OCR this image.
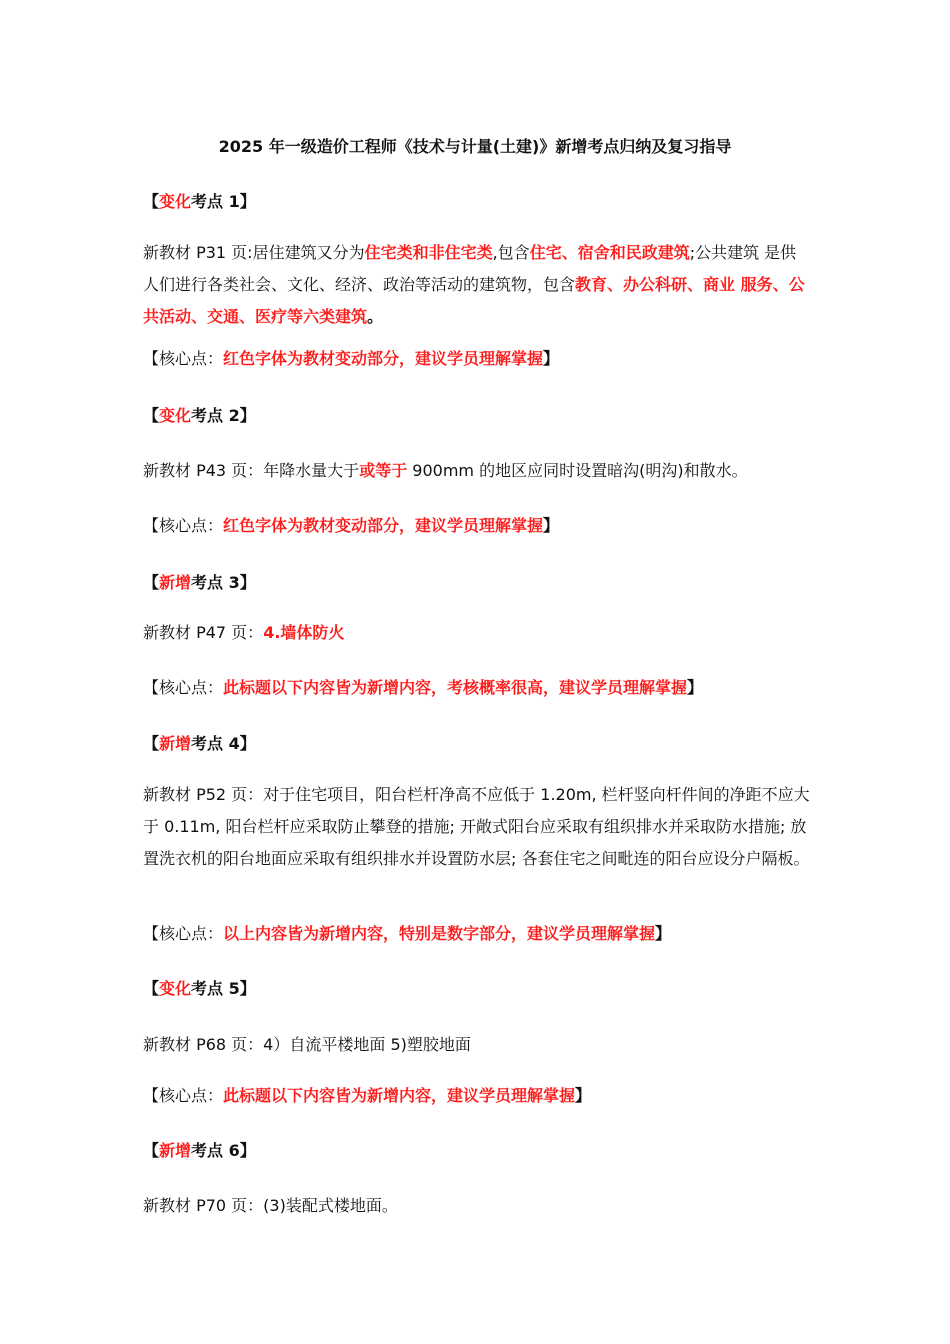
2025 年一级造价工程师《技术与计量(土建)》新增考点归纳及复习指导
【变化考点 1】
新教材 P31 页:居住建筑又分为住宅类和非住宅类,包含住宅、宿舍和民政建筑;公共建筑 是供人们进行各类社会、文化、经济、政治等活动的建筑物，包含教育、办公科研、商业 服务、公共活动、交通、医疗等六类建筑。
【核心点：红色字体为教材变动部分，建议学员理解掌握】
【变化考点 2】
新教材 P43 页：年降水量大于或等于 900mm 的地区应同时设置暗沟(明沟)和散水。
【核心点：红色字体为教材变动部分，建议学员理解掌握】
【新增考点 3】
新教材 P47 页：4.墙体防火
【核心点：此标题以下内容皆为新增内容，考核概率很高，建议学员理解掌握】
【新增考点 4】
新教材 P52 页：对于住宅项目，阳台栏杆净高不应低于 1.20m, 栏杆竖向杆件间的净距不应大于 0.11m, 阳台栏杆应采取防止攀登的措施; 开敞式阳台应采取有组织排水并采取防水措施; 放置洗衣机的阳台地面应采取有组织排水并设置防水层; 各套住宅之间毗连的阳台应设分户隔板。
【核心点：以上内容皆为新增内容，特别是数字部分，建议学员理解掌握】
【变化考点 5】
新教材 P68 页：4）自流平楼地面 5)塑胶地面
【核心点：此标题以下内容皆为新增内容，建议学员理解掌握】
【新增考点 6】
新教材 P70 页：(3)装配式楼地面。
